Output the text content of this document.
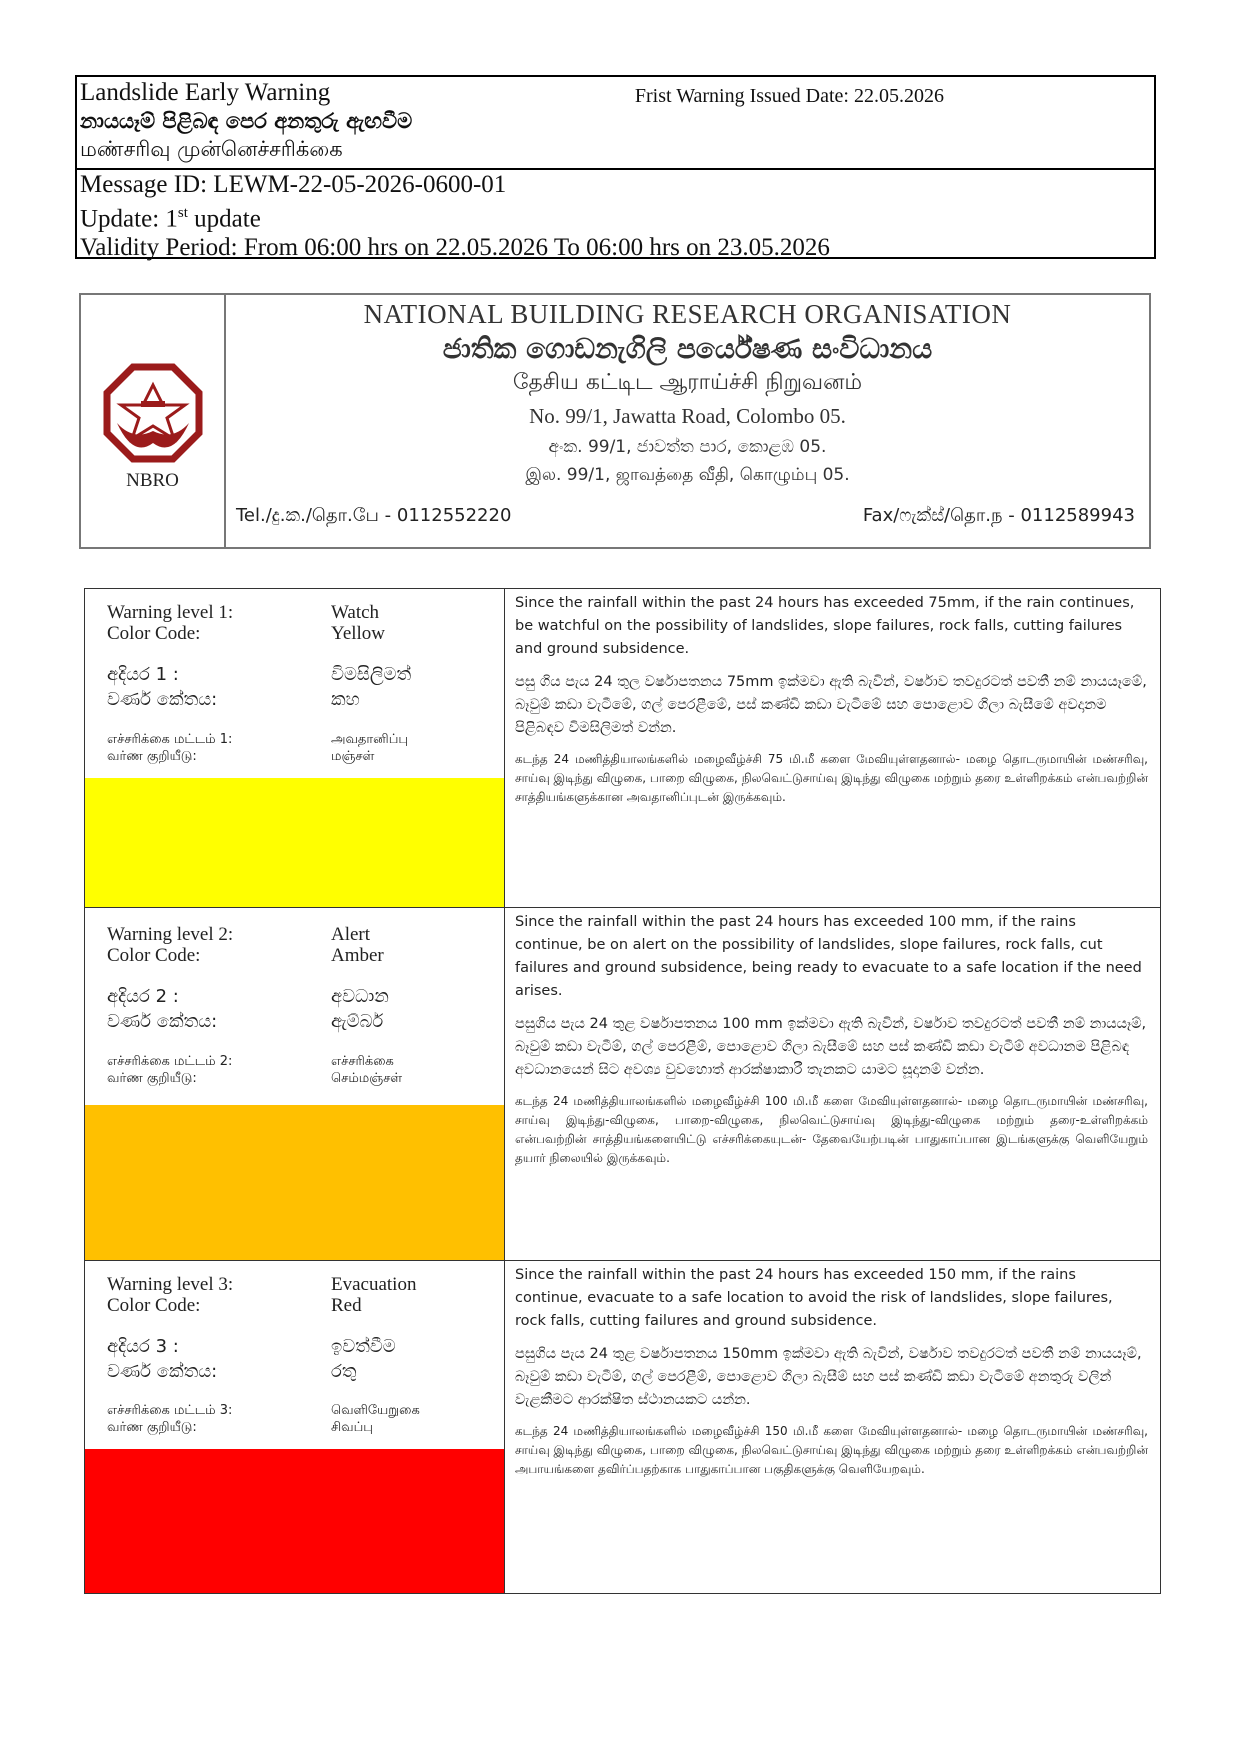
Landslide Early Warning
නායයෑම් පිළිබඳ පෙර අනතුරු ඇඟවීම
மண்சரிவு முன்னெச்சரிக்கை
Frist Warning Issued Date: 22.05.2026
Message ID: LEWM-22-05-2026-0600-01
Update: 1st update
Validity Period: From 06:00 hrs on 22.05.2026 To 06:00 hrs on 23.05.2026
NBRO
NATIONAL BUILDING RESEARCH ORGANISATION
ජාතික ගොඩනැගිලි පර්යේෂණ සංවිධානය
தேசிய கட்டிட ஆராய்ச்சி நிறுவனம்
No. 99/1, Jawatta Road, Colombo 05.
අංක. 99/1, ජාවත්ත පාර, කොළඹ 05.
இல. 99/1, ஜாவத்தை வீதி, கொழும்பு 05.
Tel./දු.ක./தொ.பே - 0112552220	Fax/ෆැක්ස්/தொ.ந - 0112589943
Warning level 1:	Watch
Color Code:	Yellow
අදියර 1 :	විමසිලිමත්
වර්ණ කේතය:	කහ
எச்சரிக்கை மட்டம் 1:	அவதானிப்பு
வர்ண குறியீடு:	மஞ்சள்

Since the rainfall within the past 24 hours has exceeded 75mm, if the rain continues, be watchful on the possibility of landslides, slope failures, rock falls, cutting failures and ground subsidence.

පසු ගිය පැය 24 තුල වර්ෂාපතනය 75mm ඉක්මවා ඇති බැවින්, වර්ෂාව තවදුරටත් පවතී නම් නායයෑමේ, බෑවුම් කඩා වැටීමේ, ගල් පෙරළීමේ, පස් කණ්ඩි කඩා වැටීමේ සහ පොළොව ගිලා බැසීමේ අවදානම පිළිබඳව විමසිලිමත් වන්න.

கடந்த 24 மணித்தியாலங்களில் மழைவீழ்ச்சி 75 மி.மீ களை மேவியுள்ளதனால்- மழை தொடருமாயின் மண்சரிவு, சாய்வு இடிந்து விழுகை, பாறை விழுகை, நிலவெட்டுசாய்வு இடிந்து விழுகை மற்றும் தரை உள்ளிறக்கம் என்பவற்றின் சாத்தியங்களுக்கான அவதானிப்புடன் இருக்கவும்.

Warning level 2:	Alert
Color Code:	Amber
අදියර 2 :	අවධාන
වර්ණ කේතය:	ඇම්බර්
எச்சரிக்கை மட்டம் 2:	எச்சரிக்கை
வர்ண குறியீடு:	செம்மஞ்சள்

Since the rainfall within the past 24 hours has exceeded 100 mm, if the rains continue, be on alert on the possibility of landslides, slope failures, rock falls, cut failures and ground subsidence, being ready to evacuate to a safe location if the need arises.

පසුගිය පැය 24 තුළ වර්ෂාපතනය 100 mm ඉක්මවා ඇති බැවින්, වර්ෂාව තවදුරටත් පවතී නම් නායයෑම්, බෑවුම් කඩා වැටීම්, ගල් පෙරළීම්, පොළොව ගිලා බැසීමේ සහ පස් කණ්ඩි කඩා වැටීම් අවධානම පිළිබඳ අවධානයෙන් සිට අවශ්‍ය වුවහොත් ආරක්ෂාකාරී තැනකට යාමට සූදානම් වන්න.

கடந்த 24 மணித்தியாலங்களில் மழைவீழ்ச்சி 100 மி.மீ களை மேவியுள்ளதனால்- மழை தொடருமாயின் மண்சரிவு, சாய்வு இடிந்து-விழுகை, பாறை-விழுகை, நிலவெட்டுசாய்வு இடிந்து-விழுகை மற்றும் தரை-உள்ளிறக்கம் என்பவற்றின் சாத்தியங்களையிட்டு எச்சரிக்கையுடன்- தேவையேற்படின் பாதுகாப்பான இடங்களுக்கு வெளியேறும் தயார் நிலையில் இருக்கவும்.

Warning level 3:	Evacuation
Color Code:	Red
අදියර 3 :	ඉවත්වීම
වර්ණ කේතය:	රතු
எச்சரிக்கை மட்டம் 3:	வெளியேறுகை
வர்ண குறியீடு:	சிவப்பு

Since the rainfall within the past 24 hours has exceeded 150 mm, if the rains continue, evacuate to a safe location to avoid the risk of landslides, slope failures, rock falls, cutting failures and ground subsidence.

පසුගිය පැය 24 තුළ වර්ෂාපතනය 150mm ඉක්මවා ඇති බැවින්, වර්ෂාව තවදුරටත් පවතී නම් නායයෑම්, බෑවුම් කඩා වැටීම්, ගල් පෙරළීම්, පොළොව ගිලා බැසීම් සහ පස් කණ්ඩි කඩා වැටීමේ අනතුරු වලින් වැළකීමට ආරක්ෂිත ස්ථානයකට යන්න.

கடந்த 24 மணித்தியாலங்களில் மழைவீழ்ச்சி 150 மி.மீ களை மேவியுள்ளதனால்- மழை தொடருமாயின் மண்சரிவு, சாய்வு இடிந்து விழுகை, பாறை விழுகை, நிலவெட்டுசாய்வு இடிந்து விழுகை மற்றும் தரை உள்ளிறக்கம் என்பவற்றின் அபாயங்களை தவிர்ப்பதற்காக பாதுகாப்பான பகுதிகளுக்கு வெளியேறவும்.
